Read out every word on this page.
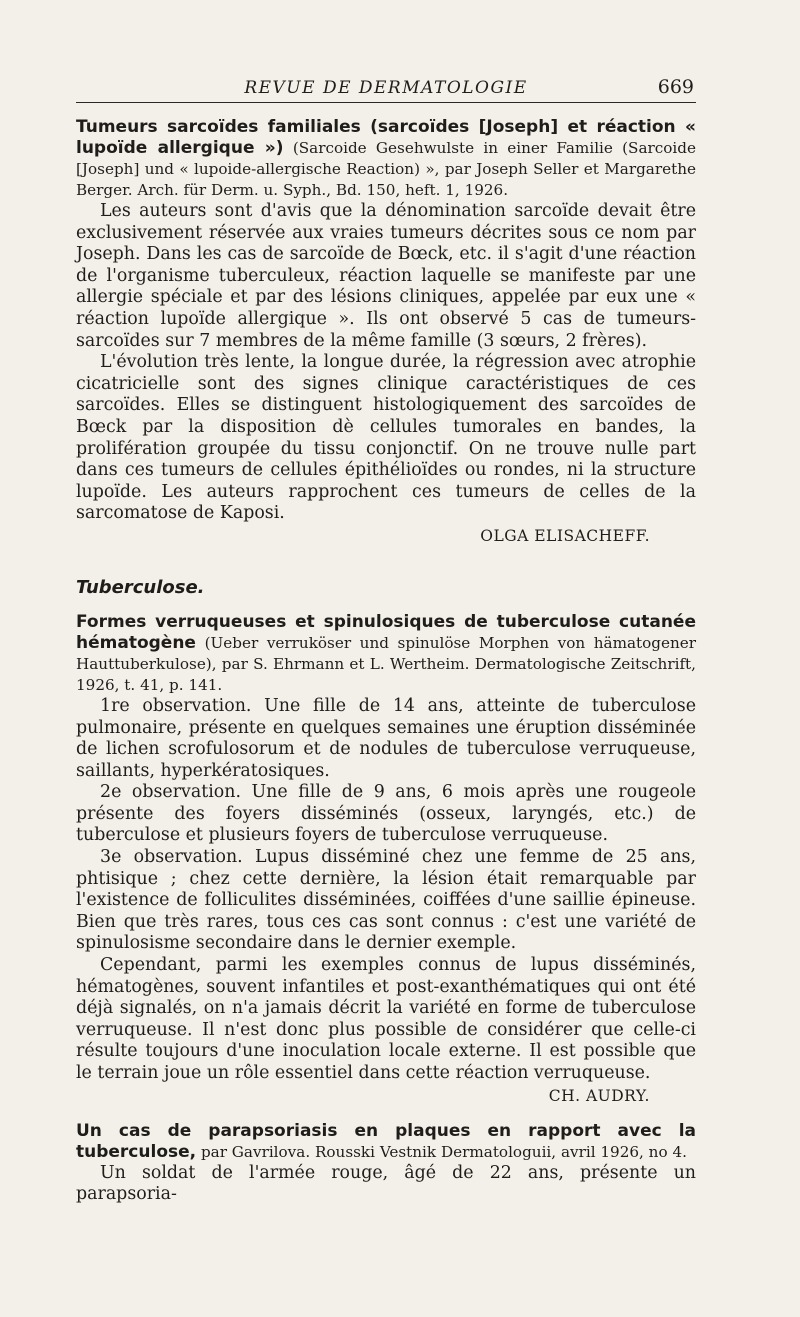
REVUE DE DERMATOLOGIE	669

Tumeurs sarcoïdes familiales (sarcoïdes [Joseph] et réaction « lupoïde allergique ») (Sarcoide Gesehwulste in einer Familie (Sarcoide [Joseph] und « lupoide-allergische Reaction) », par Joseph Seller et Margarethe Berger. Arch. für Derm. u. Syph., Bd. 150, heft. 1, 1926.

Les auteurs sont d'avis que la dénomination sarcoïde devait être exclusivement réservée aux vraies tumeurs décrites sous ce nom par Joseph. Dans les cas de sarcoïde de Bœck, etc. il s'agit d'une réaction de l'organisme tuberculeux, réaction laquelle se manifeste par une allergie spéciale et par des lésions cliniques, appelée par eux une « réaction lupoïde allergique ». Ils ont observé 5 cas de tumeurs-sarcoïdes sur 7 membres de la même famille (3 sœurs, 2 frères).

L'évolution très lente, la longue durée, la régression avec atrophie cicatricielle sont des signes clinique caractéristiques de ces sarcoïdes. Elles se distinguent histologiquement des sarcoïdes de Bœck par la disposition dè cellules tumorales en bandes, la prolifération groupée du tissu conjonctif. On ne trouve nulle part dans ces tumeurs de cellules épithélioïdes ou rondes, ni la structure lupoïde. Les auteurs rapprochent ces tumeurs de celles de la sarcomatose de Kaposi.

OLGA ELISACHEFF.

Tuberculose.

Formes verruqueuses et spinulosiques de tuberculose cutanée hématogène (Ueber verruköser und spinulöse Morphen von hämatogener Hauttuberkulose), par S. Ehrmann et L. Wertheim. Dermatologische Zeitschrift, 1926, t. 41, p. 141.

1re observation. Une fille de 14 ans, atteinte de tuberculose pulmonaire, présente en quelques semaines une éruption disséminée de lichen scrofulosorum et de nodules de tuberculose verruqueuse, saillants, hyperkératosiques.

2e observation. Une fille de 9 ans, 6 mois après une rougeole présente des foyers disséminés (osseux, laryngés, etc.) de tuberculose et plusieurs foyers de tuberculose verruqueuse.

3e observation. Lupus disséminé chez une femme de 25 ans, phtisique ; chez cette dernière, la lésion était remarquable par l'existence de folliculites disséminées, coiffées d'une saillie épineuse. Bien que très rares, tous ces cas sont connus : c'est une variété de spinulosisme secondaire dans le dernier exemple.

Cependant, parmi les exemples connus de lupus disséminés, hématogènes, souvent infantiles et post-exanthématiques qui ont été déjà signalés, on n'a jamais décrit la variété en forme de tuberculose verruqueuse. Il n'est donc plus possible de considérer que celle-ci résulte toujours d'une inoculation locale externe. Il est possible que le terrain joue un rôle essentiel dans cette réaction verruqueuse.

CH. AUDRY.

Un cas de parapsoriasis en plaques en rapport avec la tuberculose, par Gavrilova. Rousski Vestnik Dermatologuii, avril 1926, no 4.

Un soldat de l'armée rouge, âgé de 22 ans, présente un parapsoria-
